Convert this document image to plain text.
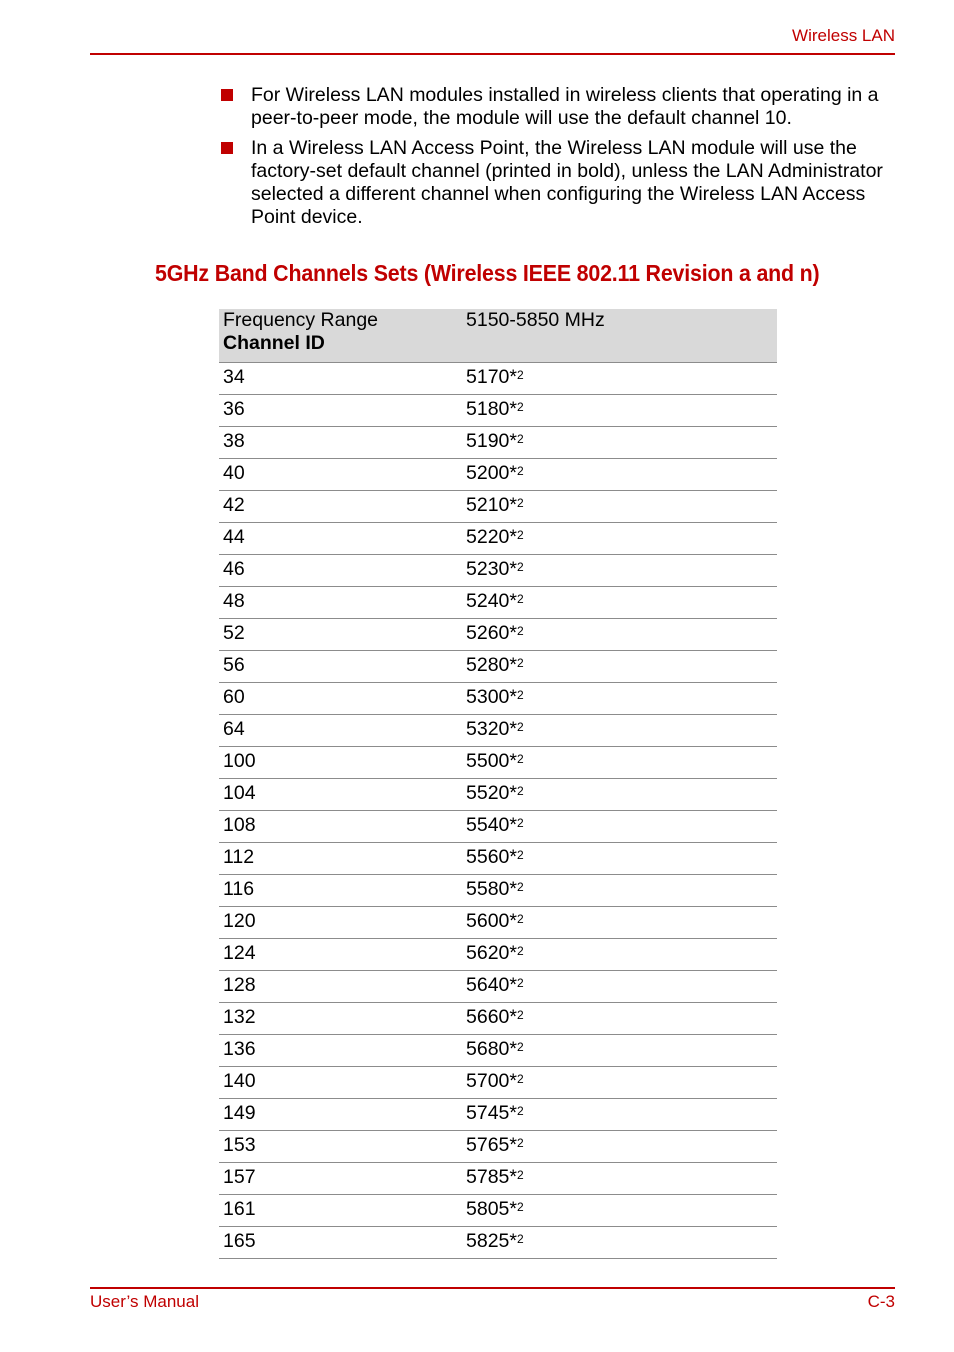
Wireless LAN
For Wireless LAN modules installed in wireless clients that operating in a peer-to-peer mode, the module will use the default channel 10.
In a Wireless LAN Access Point, the Wireless LAN module will use the factory-set default channel (printed in bold), unless the LAN Administrator selected a different channel when configuring the Wireless LAN Access Point device.
5GHz Band Channels Sets (Wireless IEEE 802.11 Revision a and n)
Frequency Range
Channel ID	5150-5850 MHz
34	5170*$^2$
36	5180*$^2$
38	5190*$^2$
40	5200*$^2$
42	5210*$^2$
44	5220*$^2$
46	5230*$^2$
48	5240*$^2$
52	5260*$^2$
56	5280*$^2$
60	5300*$^2$
64	5320*$^2$
100	5500*$^2$
104	5520*$^2$
108	5540*$^2$
112	5560*$^2$
116	5580*$^2$
120	5600*$^2$
124	5620*$^2$
128	5640*$^2$
132	5660*$^2$
136	5680*$^2$
140	5700*$^2$
149	5745*$^2$
153	5765*$^2$
157	5785*$^2$
161	5805*$^2$
165	5825*$^2$
User’s Manual	C-3
